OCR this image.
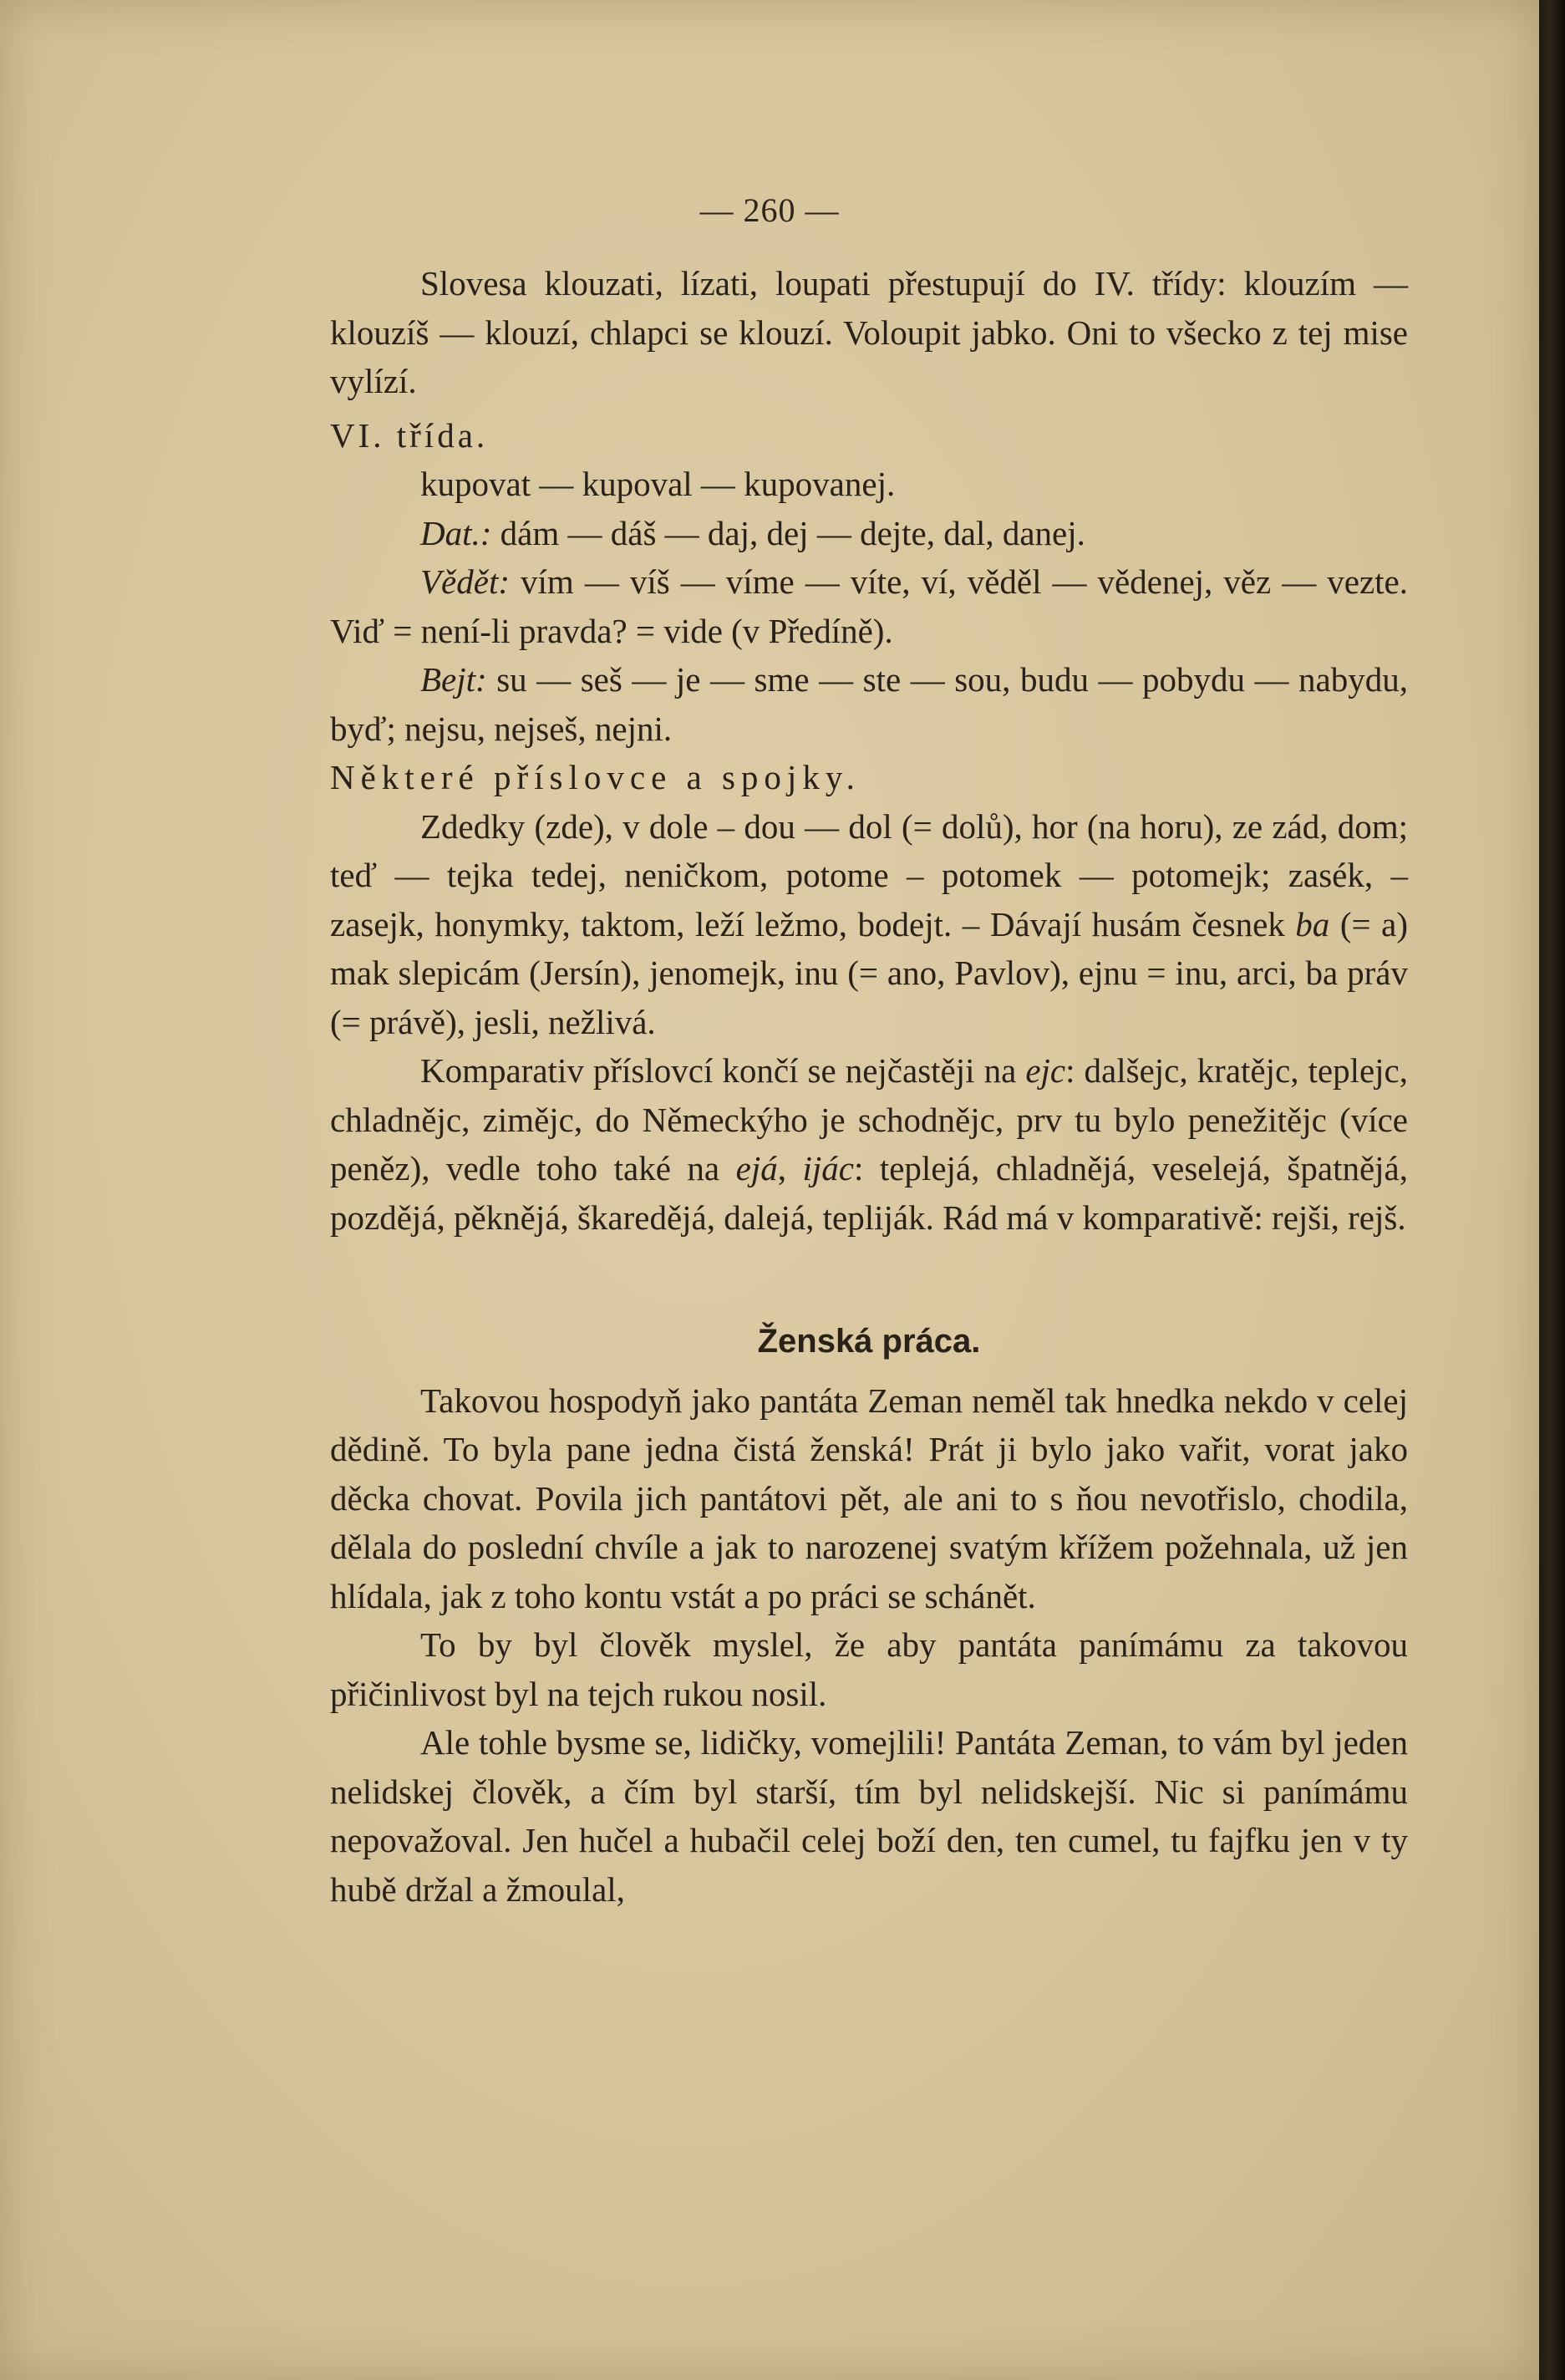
— 260 —

Slovesa klouzati, lízati, loupati přestupují do IV. třídy: klouzím — klouzíš — klouzí, chlapci se klouzí. Voloupit jabko. Oni to všecko z tej mise vylízí.

VI. třída.

kupovat — kupoval — kupovanej.

Dat.: dám — dáš — daj, dej — dejte, dal, danej.

Vědět: vím — víš — víme — víte, ví, věděl — vědenej, věz — vezte. Viď = není-li pravda? = vide (v Předíně).

Bejt: su — seš — je — sme — ste — sou, budu — pobydu — nabydu, byď; nejsu, nejseš, nejni.

Některé příslovce a spojky.

Zdedky (zde), v dole – dou — dol (= dolů), hor (na horu), ze zád, dom; teď — tejka tedej, neničkom, potome – potomek — potomejk; zasék, – zasejk, honymky, taktom, leží ležmo, bodejt. – Dávají husám česnek ba (= a) mak slepicám (Jersín), jenomejk, inu (= ano, Pavlov), ejnu = inu, arci, ba práv (= právě), jesli, nežlivá.

Komparativ příslovcí končí se nejčastěji na ejc: dalšejc, kratějc, teplejc, chladnějc, zimějc, do Německýho je schodnějc, prv tu bylo penežitějc (více peněz), vedle toho také na ejá, ijác: teplejá, chladnějá, veselejá, špatnějá, pozdějá, pěknějá, škaredějá, dalejá, tepliják. Rád má v komparativě: rejši, rejš.

Ženská práca.

Takovou hospodyň jako pantáta Zeman neměl tak hnedka nekdo v celej dědině. To byla pane jedna čistá ženská! Prát ji bylo jako vařit, vorat jako děcka chovat. Povila jich pantátovi pět, ale ani to s ňou nevotřislo, chodila, dělala do poslední chvíle a jak to narozenej svatým křížem požehnala, už jen hlídala, jak z toho kontu vstát a po práci se schánět.

To by byl člověk myslel, že aby pantáta panímámu za takovou přičinlivost byl na tejch rukou nosil.

Ale tohle bysme se, lidičky, vomejlili! Pantáta Zeman, to vám byl jeden nelidskej člověk, a čím byl starší, tím byl nelidskejší. Nic si panímámu nepovažoval. Jen hučel a hubačil celej boží den, ten cumel, tu fajfku jen v ty hubě držal a žmoulal,
